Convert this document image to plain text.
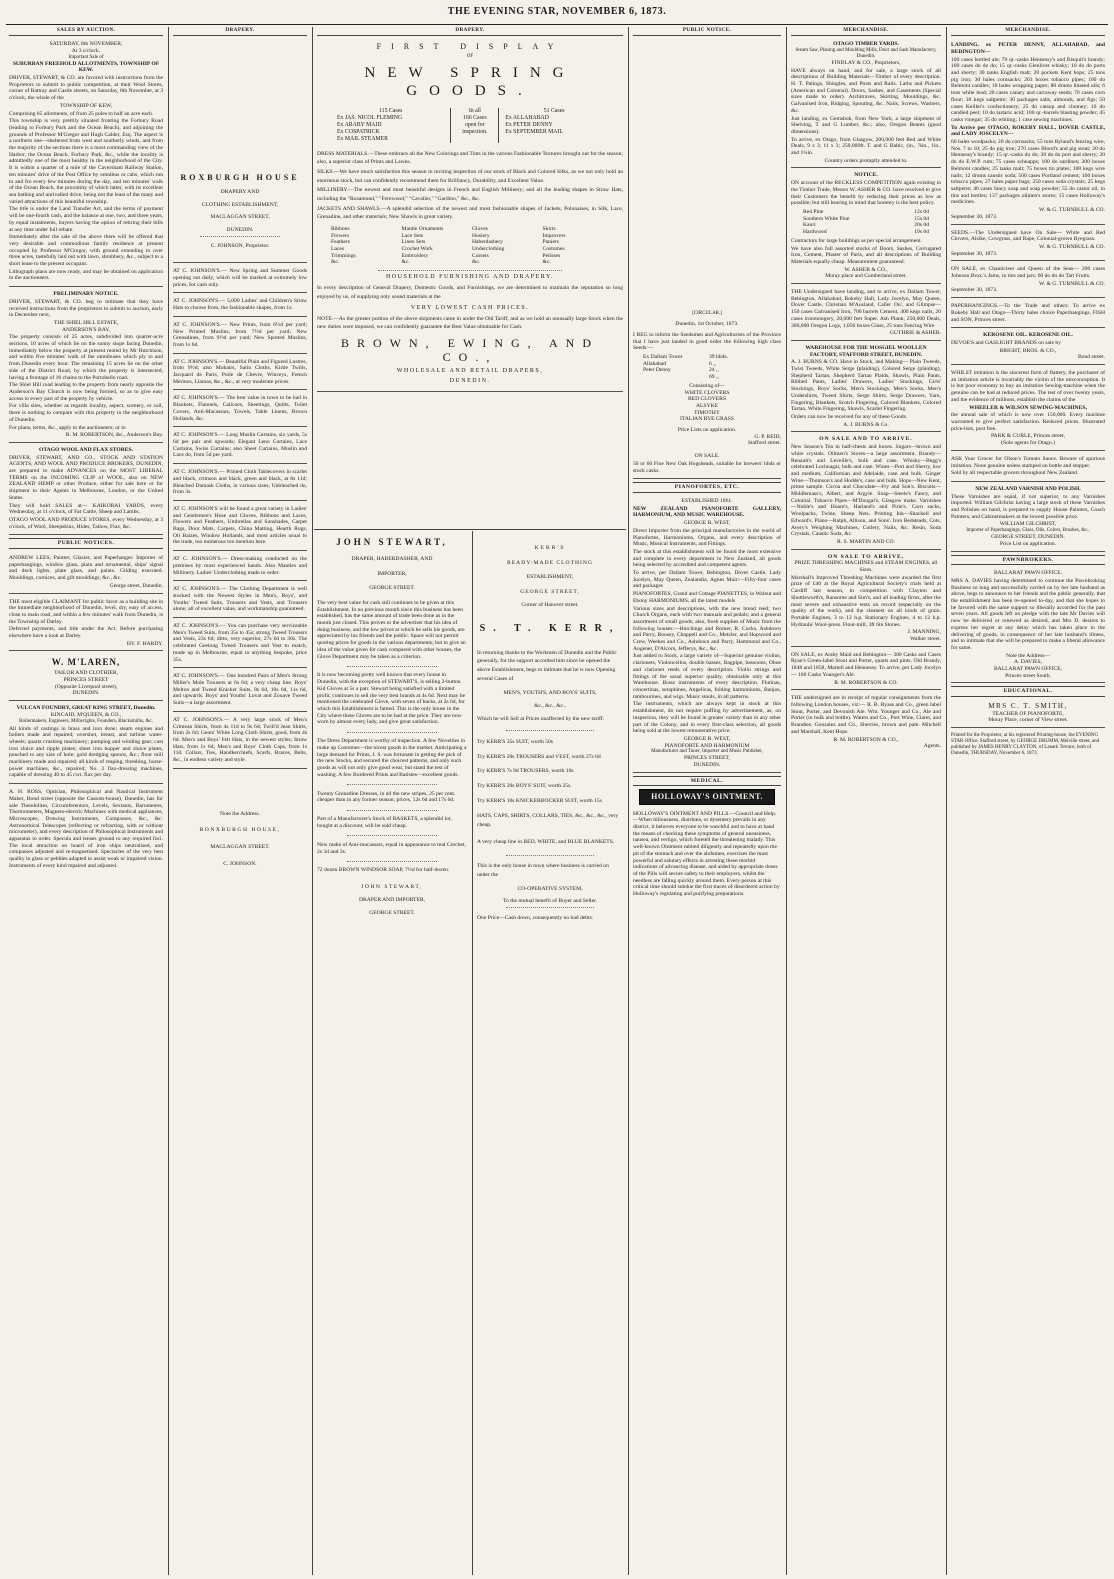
THE EVENING STAR, NOVEMBER 6, 1873.
SALES BY AUCTION.
SATURDAY, 8th NOVEMBER,
At 3 o'clock.
Important Sale of
SUBURBAN FREEHOLD ALLOTMENTS, TOWNSHIP OF KEW.

DRIVER, STEWART, & CO. are favored with instructions from the Proprietors to submit to public competition, at their Wool Stores, corner of Rattray and Castle streets, on Saturday, 8th November, at 3 o'clock, the whole of the

TOWNSHIP OF KEW,

Comprising 85 allotments, of from 25 poles to half an acre each.

This township is very prettily situated fronting the Forbury Road (leading to Forbury Park and the Ocean Beach), and adjoining the grounds of Professor M'Gregor and Hugh Calder, Esq. The aspect is a northern one—sheltered from west and southerly winds, and from the majority of the sections there is a most commanding view of the Harbor, the Ocean Beach, Forbury Park, &c., while the locality is admittedly one of the most healthy in the neighborhood of the City. It is within a quarter of a mile of the Caversham Railway Station, ten minutes' drive of the Post Office by omnibus or cabs, which run to and fro every few minutes during the day, and ten minutes' walk of the Ocean Beach, the proximity of which latter, with its excellent sea bathing and unrivalled drive, being not the least of the many and varied attractions of this beautiful township.

The title is under the Land Transfer Act, and the terms of payment will be one-fourth cash, and the balance at one, two, and three years, by equal instalments, buyers having the option of retiring their bills at any time under full rebate.

Immediately after the sale of the above there will be offered that very desirable and commodious family residence at present occupied by Professor M'Gregor, with ground extending to over three acres, tastefully laid out with lawn, shrubbery, &c., subject to a short lease to the present occupant.

Lithograph plans are now ready, and may be obtained on application to the auctioneers.

PRELIMINARY NOTICE.

DRIVER, STEWART, & CO. beg to intimate that they have received instructions from the proprietors to submit to auction, early in December next,

THE SHIEL HILL ESTATE,
ANDERSON'S BAY,

The property consists of 25 acres, subdivided into quarter-acre sections, 10 acres of which lie on the sunny slope facing Dunedin, immediately below the property at present rented by Mr Hutchison, and within five minutes' walk of the omnibuses which ply to and from Dunedin every hour. The remaining 15 acres lie on the other side of the District Road, by which the property is intersected, having a frontage of 10 chains to the Portobello road.

The Shiel Hill road leading to the property from nearly opposite the Anderson's Bay Church is now being formed, so as to give easy access to every part of the property by vehicle.

For villa sites, whether as regards locality, aspect, scenery, or soil, there is nothing to compare with this property in the neighborhood of Dunedin.

For plans, terms, &c., apply to the auctioneers; or to

R. M. ROBERTSON, &c., Anderson's Bay.
OTAGO WOOL AND FLAX STORES.

DRIVER, STEWART, AND CO., STOCK AND STATION AGENTS, AND WOOL AND PRODUCE BROKERS, DUNEDIN, are prepared to make ADVANCES on the MOST LIBERAL TERMS on the INCOMING CLIP of WOOL, also on NEW ZEALAND HEMP or other Produce, either for sale here or for shipment to their Agents in Melbourne, London, or the United States.

They will hold SALES at— KAIKORAI YARDS, every Wednesday, at 11 o'clock, of Fat Cattle, Sheep and Lambs.

OTAGO WOOL AND PRODUCE STORES, every Wednesday, at 3 o'clock, of Wool, Sheepskins, Hides, Tallow, Flax, &c.

PUBLIC NOTICES.

ANDREW LEES, Painter, Glazier, and Paperhanger. Importer of paperhangings, window glass, plain and ornamental, ships' signal and deck lights, plate glass, and paints. Gilding executed. Mouldings, cornices, and gilt mouldings, &c., &c.

George street, Dunedin.

THE most eligible CLAIMANT for public favor as a building site in the immediate neighborhood of Dunedin, level, dry, easy of access, close to main road, and within a few minutes' walk from Dunedin, is the Township of Darley.

Deferred payments, and title under the Act. Before purchasing elsewhere have a look at Darley.

HY. F. HARDY.
W. M'LAREN,
TAILOR AND CLOTHIER,
PRINCES STREET
(Opposite Liverpool street),
DUNEDIN.
VULCAN FOUNDRY, GREAT KING STREET, Dunedin.
KINCAID, M'QUEEN, & CO.,
Boilermakers, Engineers, Millwrights, Founders, Blacksmiths, &c.

All kinds of castings in brass and iron done; steam engines and boilers made and repaired; overshot, breast, and turbine water-wheels; quartz crushing machinery; pumping and winding gear; cast iron sluice and ripple plates; sheet iron hopper and sluice plates, punched to any size of hole; gold dredging spoons, &c.; flour mill machinery made and repaired; all kinds of reaping, threshing, horse-power machines, &c., repaired; No. 3 flax-dressing machines, capable of dressing 40 to 45 cwt. flax per day.

A. H. ROSS, Optician, Philosophical and Nautical Instrument Maker, Bond street (opposite the Custom-house), Dunedin, has for sale Theodolites, Circumferentors, Levels, Sextants, Barometers, Thermometers, Magneto-electric Machines with medical appliances, Microscopes, Drawing Instruments, Compasses, &c., &c. Astronomical Telescopes (reflecting or refracting, with or without micrometer), and every description of Philosophical Instruments and apparatus to order. Specula and lenses ground to any required foci. The local attraction on board of iron ships neutralised, and compasses adjusted and re-magnetised. Spectacles of the very best quality in glass or pebbles adapted to assist weak or impaired vision. Instruments of every kind repaired and adjusted.

DRAPERY.
ROXBURGH HOUSE
DRAPERY AND
CLOTHING ESTABLISHMENT,
MACLAGGAN STREET,
DUNEDIN.
C. JOHNSON, Proprietor.

AT C. JOHNSON'S.— New Spring and Summer Goods opening out daily, which will be marked at extremely low prices, for cash only.

AT C. JOHNSON'S.— 5,000 Ladies' and Children's Straw Hats to choose from, the fashionable shapes, from 1s.

AT C. JOHNSON'S.— New Prints, from 6½d per yard; New Printed Muslins, from 7½d per yard; New Grenadines, from 9½d per yard; New Spotted Muslins, from 1s 6d.

AT C. JOHNSON'S.— Beautiful Plain and Figured Lustres, from 9½d; also Mohairs, Satin Cloths, Kirtle Twills, Jacquard de Paris, Poile de Chevre, Winceys, French Merinos, Llamas, &c., &c., at very moderate prices.

AT C. JOHNSON'S.— The best value in town to be had in Blankets, Flannels, Calicoes, Sheetings, Quilts, Toilet Covers, Anti-Macassars, Towels, Table Linens, Brown Hollands, &c.

AT C. JOHNSON'S.— Long Muslin Curtains, six yards, 5s 6d per pair and upwards; Elegant Leno Curtains, Lace Curtains, Swiss Curtains; also Sheet Curtains, Muslin and Lace do, from 5d per yard.

AT C. JOHNSON'S.— Printed Cloth Tablecovers in scarlet and black, crimson and black, green and black, at 8s 11d; Bleached Damask Cloths, in various sizes; Unbleached do, from 3s.

AT C. JOHNSON'S will be found a great variety in Ladies' and Gentlemen's Hose and Gloves, Ribbons and Laces, Flowers and Feathers, Umbrellas and Sunshades, Carpet Bags, Door Mats, Carpets, China Matting, Hearth Rugs, Oil Baizes, Window Hollands, and most articles usual to the trade, too numerous too mention here.

AT C. JOHNSON'S.— Dress-making conducted on the premises by most experienced hands. Also Mantles and Millinery. Ladies' Underclothing made to order.

AT C. JOHNSON'S.— The Clothing Department is well stocked with the Newest Styles in Men's, Boys', and Youths' Tweed Suits, Trousers and Vests, and Trousers alone; all of excellent value, and workmanship guaranteed.

AT C. JOHNSON'S.— You can purchase very serviceable Men's Tweed Suits, from 35s to 45s; strong Tweed Trousers and Vests, 23s 6d; ditto, very superior, 27s 6d to 30s. The celebrated Geelong Tweed Trousers and Vest to match, made up in Melbourne, equal to anything bespoke, price 35s.

AT C. JOHNSON'S.— One hundred Pairs of Men's Strong Miller's Mole Trousers at 6s 6d; a very cheap line. Boys' Melton and Tweed Knicker Suits, 8s 6d, 10s 6d, 11s 6d, and upwards. Boys' and Youths' Lovat and Zouave Tweed Suits—a large assortment.

AT C. JOHNSON'S.— A very large stock of Men's Crimean Shirts, from 4s 11d to 9s 6d; Twill'd Jean Shirts, from 2s 6d; Gents' White Long Cloth Shirts, good, from 4s 6d. Men's and Boys' Felt Hats, in the newest styles; Straw Hats, from 1s 6d; Men's and Boys' Cloth Caps, from 1s 11d. Collars, Ties, Handkerchiefs, Scarfs, Braces, Belts, &c., in endless variety and style.

Note the Address.
RONXBURGH HOUSE,
MACLAGGAN STREET.
C. JOHNSON.
DRAPERY.
FIRST DISPLAY
OF
NEW SPRING GOODS.
115 Cases
Ex JAS. NICOL FLEMING
Ex ARABY MAID
Ex COSPATRICK
Ex MAIL STEAMER
In all
166 Cases
open for
inspection.
51 Cases
Ex ALLAHABAD
Ex PETER DENNY
Ex SEPTEMBER MAIL

DRESS MATERIALS.—These embrace all the New Colorings and Tints in the various Fashionable Textures brought out for the season; also, a superior class of Prints and Lawns.

SILKS.—We have much satisfaction this season in inviting inspection of our stock of Black and Colored Silks, as we not only hold an enormous stock, but can confidently recommend them for Brilliancy, Durability, and Excellent Value.

MILLINERY.—The newest and most beautiful designs in French and English Millinery; and all the leading shapes in Straw Hats, including the "Rosamond," "Fernwood," "Cavalier," "Gardino," &c., &c.

JACKETS AND SHAWLS.—A splendid selection of the newest and most fashionable shapes of Jackets, Polonaises, in Silk, Lace, Grenadine, and other materials; New Shawls in great variety.

Ribbons
Flowers
Feathers
Laces
Trimmings
&c.
Mantle Ornaments
Lace Sets
Linen Sets
Crochet Work
Embroidery
&c.
Gloves
Hosiery
Haberdashery
Underclothing
Corsets
&c.
Skirts
Improvers
Paniers
Costumes
Pelisses
&c.
HOUSEHOLD FURNISHING AND DRAPERY.

In every description of General Drapery, Domestic Goods, and Furnishings, we are determined to maintain the reputation so long enjoyed by us, of supplying only sound materials at the

VERY LOWEST CASH PRICES.

NOTE.—As the greater portion of the above shipments came in under the Old Tariff, and as we hold an unusually large Stock when the new duties were imposed, we can confidently guarantee the Best Value obtainable for Cash.

BROWN, EWING, AND CO.,
WHOLESALE AND RETAIL DRAPERS,
DUNEDIN.
JOHN STEWART,
DRAPER, HABERDASHER, AND
IMPORTER,
GEORGE STREET.

The very best value for cash still continues to be given at this Establishment. In no previous month since this business has been established, has the same amount of trade been done as in the month just closed. This proves to the advertiser that his idea of doing business, and the low prices at which he sells his goods, are appreciated by his friends and the public. Space will not permit quoting prices for goods in the various departments; but to give an idea of the value given for cash compared with other houses, the Glove Department may be taken as a criterion.

It is now becoming pretty well known that every house in Dunedin, with the exception of STEWART'S, is selling 2-button Kid Gloves at 5s a pair. Stewart being satisfied with a limited profit, continues to sell the very best brands at 4s 6d. Next may be mentioned the celebrated Glove, with seven of backs, at 2s 6d, for which this Establishment is famed. This is the only house in the City where these Gloves are to be had at the price. They are now worn by almost every lady, and give great satisfaction.

The Dress Department is worthy of inspection. A few Novelties in make up Costumes—the nicest goods in the market. Anticipating a large demand for Prints, J. S. was fortunate in getting the pick of the new Stocks, and secured the choicest patterns, and only such goods as will not only give good wear, but stand the test of washing. A few Bordered Prints and Batistes—excellent goods.

Twenty Grenadine Dresses, in all the new stripes, 25 per cent. cheaper than in any former season; prices, 12s 6d and 17s 6d.

Part of a Manufacturer's Stock of BASKETS, a splendid lot, bought at a discount, will be sold cheap.

New make of Anti-macassars, equal in appearance to real Crochet, 2s 3d and 3s.

72 dozen BROWN WINDSOR SOAP, 7½d for half-dozen.

JOHN STEWART,
DRAPER AND IMPORTER,
GEORGE STREET.
KERR'S
READY-MADE CLOTHING
ESTABLISHMENT,
GEORGE STREET,
Corner of Hanover street.
S. T. KERR,

In returning thanks to the Workmen of Dunedin and the Public generally, for the support accorded him since he opened the above Establishment, begs to intimate that he is now Opening several Cases of

MEN'S, YOUTH'S, AND BOYS' SUITS,
&c., &c., &c.,

Which he will Sell at Prices unaffected by the new tariff.

Try KERR'S 35s SUIT, worth 50s

Try KERR'S 20s TROUSERS and VEST, worth 27s 6d

Try KERR'S 7s 9d TROUSERS, worth 10s

Try KERR'S 20s BOYS' SUIT, worth 25s.

Try KERR'S 10s KNICKERBOCKER SUIT, worth 15s

HATS, CAPS, SHIRTS, COLLARS, TIES, &c., &c., &c., very cheap.

A very cheap line in RED, WHITE, and BLUE BLANKETS.

This is the only house in town where business is carried on under the

CO-OPERATIVE SYSTEM,
To the mutual benefit of Buyer and Seller.

One Price—Cash down, consequently no bad debts.

PUBLIC NOTICE.
[CIRCULAR.]
Dunedin, 1st October, 1873.

I BEG to inform the Seedsmen and Agriculturists of the Province that I have just landed in good order the following high class Seeds:—

Ex Dallam Tower	39 hhds.
Allahabad	6 ,,
Peter Denny	24 ,,
69 ,,
Consisting of—
WHITE CLOVERS
RED CLOVERS
ALSYKE
TIMOTHY
ITALIAN RYE GRASS
Price Lists on application.
G. P. REID,
Stafford street.
ON SALE.

50 or 60 Fine New Oak Hogsheads, suitable for brewers' hhds or stock casks.

PIANOFORTES, ETC.
ESTABLISHED 1861.

NEW ZEALAND PIANOFORTE GALLERY, HARMONIUM, AND MUSIC WAREHOUSE.

GEORGE R. WEST,

Direct Importer from the principal manufactories in the world of Pianofortes, Harmoniums, Organs, and every description of Music, Musical Instruments, and Fittings.

The stock at this establishment will be found the most extensive and complete in every department in New Zealand, all goods being selected by accredited and competent agents.

To arrive, per Dallam Tower, Bebington, Dover Castle, Lady Jocelyn, May Queen, Zealandia, Agnes Muir:—Fifty-four cases and packages

PIANOFORTES, Grand and Cottage PIANETTES, in Walnut and Ebony HARMONIUMS, all the latest models

Various sizes and descriptions, with the new bread reed; two Church Organs, each with two manuals and pedals; and a general assortment of small goods; also, fresh supplies of Music from the following houses:—Hutchings and Romer, R. Cocks, Ashdown and Parry, Boosey, Chappell and Co., Metzler, and Hopwood and Crew, Weekes and Co., Ashdown and Parry, Hammond and Co., Augener, D'Alcorn, Jefferys, &c., &c.

Just added to Stock, a large variety of—Superior genuine violins, clarionets, Violoncellos, double basses, Bagpipe, bassoons, Oboe and clarionet reeds of every description. Violin strings and fittings of the usual superior quality, obtainable only at this Warehouse. Brass instruments of every description. Flutinas, concertinas, seraphines, Angelicas, folding harmoniums, Banjos, tambourines, and wigs. Music stools, in all patterns.

The instruments, which are always kept in stock at this establishment, do not require puffing by advertisement, as, on inspection, they will be found in greater variety than in any other part of the Colony, and in every first-class selection, all goods being sold at the lowest remunerative price.

GEORGE R. WEST,
PIANOFORTE AND HARMONIUM
Manufacturer and Tuner, Importer and Music Publisher,
PRINCES STREET,
DUNEDIN.
MEDICAL.
HOLLOWAY'S OINTMENT.

HOLLOWAY'S OINTMENT AND PILLS.—Council and Help.—When biliousness, diarrhœa, or dysentery prevails in any district, it behoves everyone to be watchful and to have at hand the means of checking these symptoms of general uneasiness, nausea, and vertigo, which foretell the threatening malady. This well-known Ointment rubbed diligently and repeatedly upon the pit of the stomach and over the abdomen, exercises the most powerful and salutary effects in arresting these morbid indications of advancing disease, and aided by appropriate doses of the Pills will secure safety to their employers, whilst the needless are falling quickly around them. Every person at this critical time should subdue the first traces of disordered action by Holloway's regulating and purifying preparations.

MERCHANDISE.
OTAGO TIMBER YARDS.
Steam Saw, Planing and Moulding Mills, Door and Sash Manufactory, Dunedin.
FINDLAY & CO., Proprietors,

HAVE always on hand, and for sale, a large stock of all descriptions of Building Materials—Timber of every description. H. T. Palings, Shingles, and Posts and Rails. Laths and Pickets (American and Colonial). Doors, Sashes, and Casements (Special sizes made to order). Architraves, Skirting, Mouldings, &c. Galvanised Iron, Ridging, Spouting, &c. Nails, Screws, Washers, &c.

Just landing, ex Gemsbok, from New York, a large shipment of Shelving, T and G Lumber, &c.; also, Oregon Beams (good dimensions).

To arrive, ex Otago, from Glasgow, 200,000 feet Red and White Deals, 9 x 3; 11 x 3; 250,000ft. T. and G Baltic, (in., ⅞in., 1in., and 1¼in.

Country orders promptly attended to.
NOTICE.

ON account of the RECKLESS COMPETITION again existing in the Timber Trade, Messrs W. ASHER & CO. have resolved to give their Customers the benefit by reducing their prices as low as possible; but still bearing in mind that honesty is the best policy.

Red Pine	12s 0d
Southern White Pine	15s 0d
Kauri	20s 0d
Hardwood	19s 6d

Contractors for large buildings as per special arrangement.

We have also full assorted stocks of Doors, Sashes, Corrugated Iron, Cement, Plaster of Paris, and all descriptions of Building Materials equally cheap. Measurement guaranteed.

W. ASHER & CO.,
Moray place and Cumberland street.

THE Undersigned have landing, and to arrive, ex Dallam Tower, Bebington, Allahabad, Rokeby Hall, Lady Jocelyn, May Queen, Dover Castle, Christian M'Ausland, Caller Ou', and Glimpse— 150 cases Galvanised Iron, 700 barrels Cement, 400 kegs nails, 20 cases ironmongery, 20,000 feet Super. Ash Plank, 250,000 Deals, 300,000 Oregon Logs, 1,050 boxes Glass, 25 tons Fencing Wire

GUTHRIE & ASHER.
WAREHOUSE FOR THE MOSGIEL WOOLLEN FACTORY, STAFFORD STREET, DUNEDIN.

A. J. BURNS & CO. Have in Stock, and Making— Plain Tweeds, Twist Tweeds, White Serge (plaiding), Colored Serge (plaiding), Shepherd Tartan, Shepherd Tartan Plaids, Shawls, Plain Pants, Ribbed Pants, Ladies' Drawers, Ladies' Stockings, Girls' Stockings, Boys' Socks, Men's Stockings, Men's Socks, Men's Undershirts, Tweed Shirts, Serge Shirts, Serge Drawers, Yarn, Fingering, Blankets, Scotch Fingering, Colored Blankets, Colored Tartan, White Fingering, Shawls, Scarlet Fingering.

Orders can now be received for any of these Goods.

A. J. BURNS & Co.
ON SALE AND TO ARRIVE.

New Season's Tea in half-chests and boxes. Sugars—brown and white crystals. Oilmen's Stores—a large assortment. Brandy—Renault's and Leveille's, bulk and case. Whisky—Begg's celebrated Lochnagar, bulk and case. Wines—Port and Sherry, low and medium, Californian and Adelaide, case and bulk. Ginger Wine—Thomson's and Hodde's, case and bulk. Hops—New Kent, prime sample. Cocoa and Chocolate—Fry and Son's. Biscuits—Middlemass's, Albert, and Argyle. Soap—Steele's Fancy, and Colonial. Tobacco Pipes—M'Dougal's, Glasgow make. Varnishes—Noble's and Hoare's, Harland's and Pirie's. Corn sacks, Woolpacks, Twine, Sheep Nets. Printing Ink—Shackell and Edward's. Piano—Ralph, Allison, and Sons'. Iron Bedsteads, Cots, Avery's Weighing Machines, Cutlery, Nails, &c. Resin, Soda Crystals, Caustic Soda, &c.

R. S. MARTIN AND CO.
ON SALE TO ARRIVE,
PRIZE THRESHING MACHINES and STEAM ENGINES, all Sizes.

Marshall's Improved Threshing Machines were awarded the first prize of £40 at the Royal Agricultural Society's trials held at Cardiff last season, in competition with Clayton and Shuttleworth's, Ransome and Sim's, and all leading firms, after the most severe and exhaustive tests on record (especially on the quality of the work), and the cleanest on all kinds of grain. Portable Engines, 3 to 12 h.p. Stationary Engines, 4 to 12 h.p. Hydraulic Wool-press. Flour-mill, 3ft 6in Stones.

J. MANNING,
Walker street.

ON SALE, ex Araby Maid and Bebington— 300 Casks and Cases Ryan's Green-label Stout and Porter, quarts and pints. Old Brandy, 1848 and 1858, Martell and Hennessy. To arrive, per Lady Jocelyn— 100 Casks Younger's Ale.

R. M. ROBERTSON & CO.

THE undersigned are in receipt of regular consignments from the following London houses, viz:— R. B. Byass and Co., green label Stout, Porter, and Devonish Ale. Wm. Younger and Co., Ale and Porter (in bulk and bottle). Waters and Co., Port Wine, Claret, and Brandies. Gonzalez and Co., Sherries, brown and pale. Mitchell and Marshall, Kent Hops.

R. M. ROBERTSON & CO.,
Agents.
MERCHANDISE.

LANDING, ex PETER DENNY, ALLAHABAD, and BEBINGTON—

100 cases bottled ale; 70 qr.-casks Hennessy's and Bisquit's brandy; 100 cases do do do; 15 qr.-casks Glenlivet whisky; 10 do do ports and sherry; 30 tanks English malt; 20 pockets Kent hops; 25 tons pig iron; 30 bales cornsacks; 203 boxes tobacco pipes; 100 do Belmont candles; 10 bales wrapping paper; 80 drums linseed oils; 6 tons white lead; 20 cases canary and carraway seeds; 70 cases corn flour; 30 kegs saltpetre; 30 packages salts, almonds, and figs; 50 cases Keiller's confectionery; 25 do catsup and chutney; 10 do candied peel; 10 do tartaric acid; 100 qr.-barrels blasting powder; 45 casks vinegar; 35 do whiting; 1 case sewing machines.

To Arrive per OTAGO, ROKEBY HALL, DOVER CASTLE, and LADY JOSCELYN—

60 bales woolpacks; 20 do cornsacks; 55 tons Ryland's fencing wire, Nos. 7 to 10; 25 do pig iron; 270 cases Blood's and pig stout; 20 do Hennessy's brandy; 15 qr.-casks do do; 30 do do port and sherry; 20 do do E.W.P. rum; 75 cases schnapps; 100 do sardines; 200 boxes Belmont candles; 25 tanks malt; 75 boxes tin plates; 100 kegs wire nails; 12 drums caustic soda; 500 cases Portland cement; 100 boxes tobacco pipes; 27 bales paper bags; 250 cases soda crystals; 25 kegs saltpetre; 40 cases fancy soap and soap powder; 55 do castor oil, in tins and bottles; 137 packages oilmen's stores; 15 cases Holloway's medicines.

W. & G. TURNBULL & CO.
September 30, 1873.

SEEDS.—The Undersigned have On Sale— White and Red Clovers, Alsike, Cowgrass, and Rape, Colonial-grown Ryegrass.

W. & G. TURNBULL & CO.
September 30, 1873.

ON SALE, ex Chanticleer and Queen of the Seas— 200 cases Johnson Brox.'s Jams, in tins and jars; 60 do do do Tart Fruits.

W. & G. TURNBULL & CO.
September 30, 1873.

PAPERHANGINGS.—To the Trade and others: To arrive ex Rokeby Hall and Otago—Thirty bales choice Paperhangings, FISH and SON, Princes street.

KEROSENE OIL. KEROSENE OIL.

DEVOE'S and GASLIGHT BRANDS on sale by

BRIGHT, BROS. & CO.,
Bond street.

WHILST imitation is the sincerest form of flattery, the purchaser of an imitation article is invariably the victim of the misconception. It is but poor economy to buy an imitation Sewing-machine when the genuine can be had at reduced prices. The test of over twenty years, and the evidence of millions, establish the claims of the

WHEELER & WILSON SEWING-MACHINES,

the annual sale of which is now over 150,000. Every machine warranted to give perfect satisfaction. Reduced prices. Illustrated price-lists, post free.

PARK & CURLE, Princes street,
(Sole agents for Otago.)

ASK Your Grocer for Olson's Tomato Sauce. Beware of spurious imitation. None genuine unless stamped on bottle and stopper.

Sold by all respectable grocers throughout New Zealand.

NEW ZEALAND VARNISH AND POLISH.

These Varnishes are equal, if not superior, to any Varnishes imported. William Gilchrist having a large stock of these Varnishes and Polishes on hand, is prepared to supply House Painters, Coach Painters, and Cabinetmakers at the lowest possible price.

WILLIAM GILCHRIST,
Importer of Paperhangings, Glass, Oils, Colors, Brushes, &c.,
GEORGE STREET, DUNEDIN.
Price List on application.
PAWNBROKERS.
BALLARAT PAWN OFFICE.

MRS A. DAVIES having determined to continue the Pawnbroking Business so long and successfully carried on by her late husband as above, begs to announce to her friends and the public generally, that the establishment has been re-opened to-day, and that she hopes to be favored with the same support so liberally accorded for the past seven years. All goods left on pledge with the late Mr Davies will now be delivered or renewed as desired, and Mrs D. desires to express her regret at any delay which has taken place in the delivering of goods, in consequence of her late husband's illness, and to intimate that she will be prepared to make a liberal allowance for same.

Note the Address—
A. DAVIES,
BALLARAT PAWN OFFICE,
Princes street South.
EDUCATIONAL.
MRS C. T. SMITH,
TEACHER OF PIANOFORTE,
Moray Place, corner of View street.

Printed for the Proprietor, at his registered Printing-house, the EVENING STAR Office, Stafford street, by GEORGE DRUMM, Melville street, and published by JAMES HENRY CLAYTON, of Lanark Terrace, both of Dunedin, THURSDAY, November 6, 1873.
